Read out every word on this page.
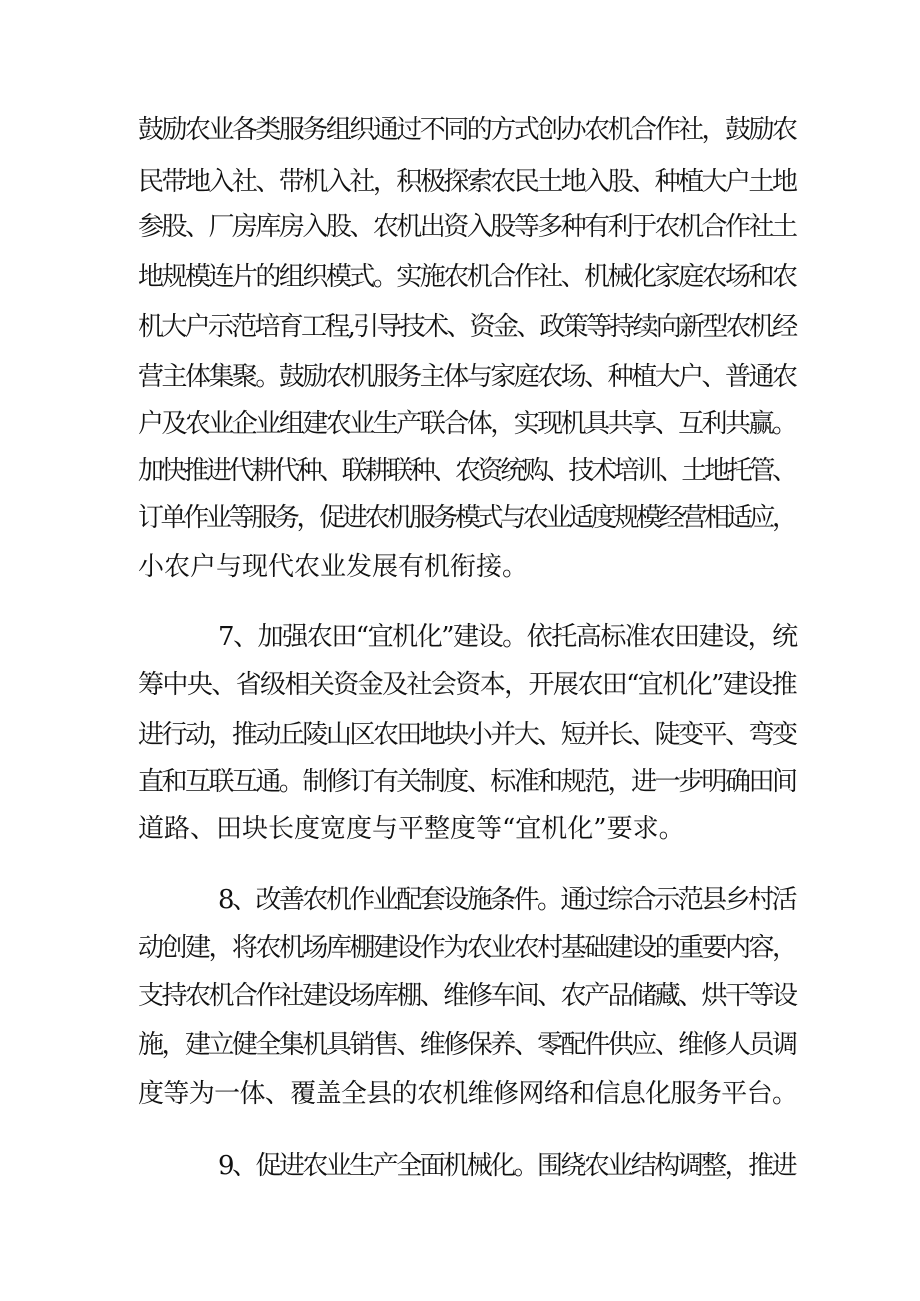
鼓励农业各类服务组织通过不同的方式创办农机合作社，鼓励农
民带地入社、带机入社，积极探索农民土地入股、种植大户土地
参股、厂房库房入股、农机出资入股等多种有利于农机合作社土
地规模连片的组织模式。实施农机合作社、机械化家庭农场和农
机大户示范培育工程,引导技术、资金、政策等持续向新型农机经
营主体集聚。鼓励农机服务主体与家庭农场、种植大户、普通农
户及农业企业组建农业生产联合体，实现机具共享、互利共赢。
加快推进代耕代种、联耕联种、农资统购、技术培训、土地托管、
订单作业等服务，促进农机服务模式与农业适度规模经营相适应，
小农户与现代农业发展有机衔接。
7、加强农田“宜机化”建设。依托高标准农田建设，统
筹中央、省级相关资金及社会资本，开展农田“宜机化”建设推
进行动，推动丘陵山区农田地块小并大、短并长、陡变平、弯变
直和互联互通。制修订有关制度、标准和规范，进一步明确田间
道路、田块长度宽度与平整度等“宜机化”要求。
8、改善农机作业配套设施条件。通过综合示范县乡村活
动创建，将农机场库棚建设作为农业农村基础建设的重要内容，
支持农机合作社建设场库棚、维修车间、农产品储藏、烘干等设
施，建立健全集机具销售、维修保养、零配件供应、维修人员调
度等为一体、覆盖全县的农机维修网络和信息化服务平台。
9、促进农业生产全面机械化。围绕农业结构调整，推进
